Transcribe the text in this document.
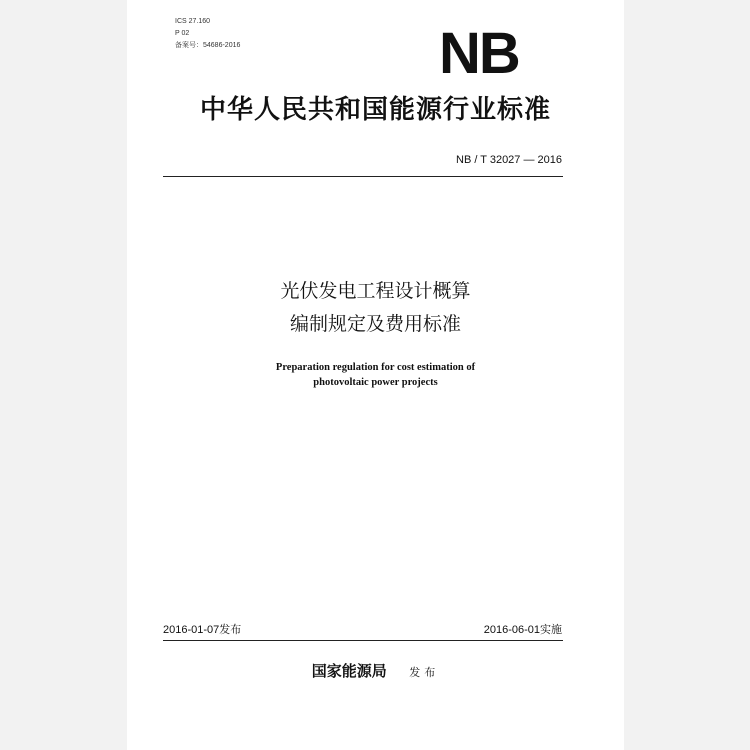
ICS 27.160
P 02
备案号：54686-2016	NB
中华人民共和国能源行业标准
NB / T 32027 — 2016
光伏发电工程设计概算
编制规定及费用标准
Preparation regulation for cost estimation of
photovoltaic power projects
2016-01-07发布	2016-06-01实施
国家能源局 发布
